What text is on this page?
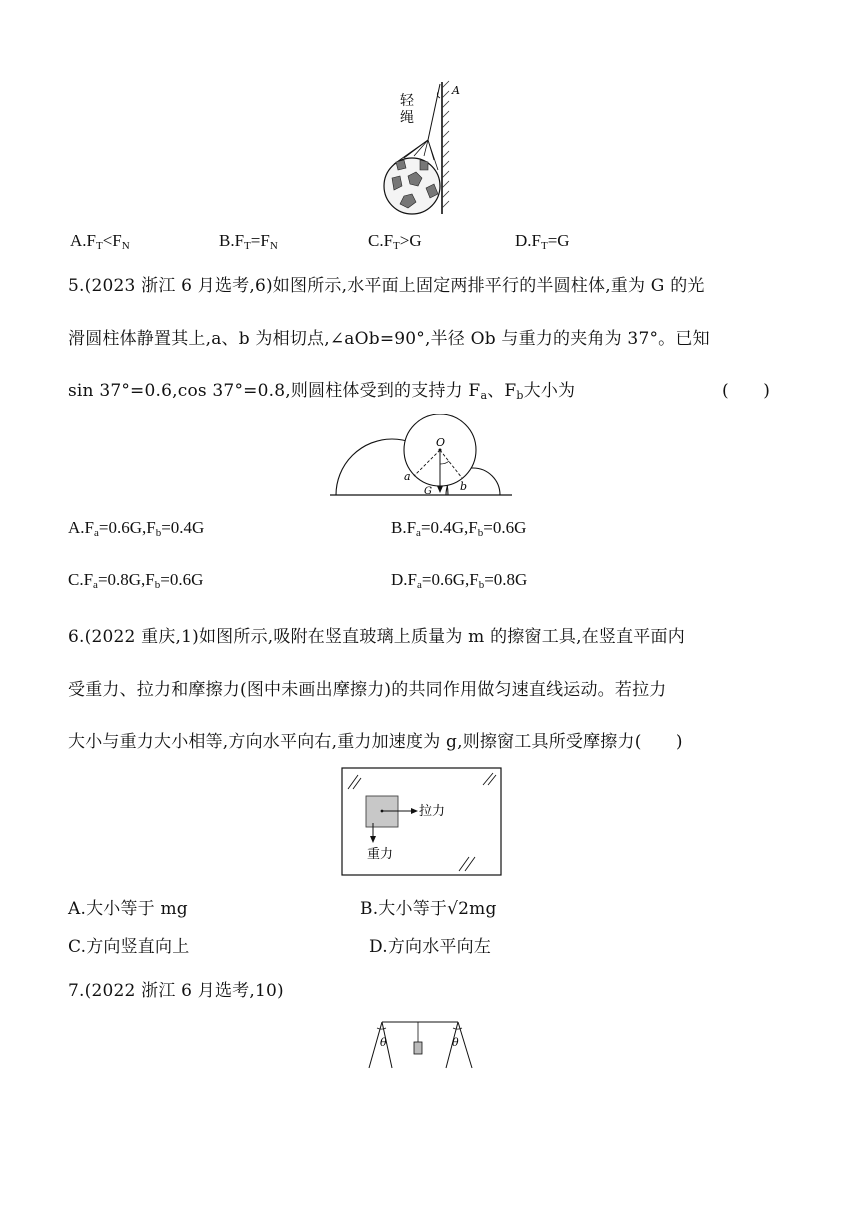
轻
绳
A
$A.F_T<F_N$	$B.F_T=F_N$	$C.F_T>G$	$D.F_T=G$
5.(2023 浙江 6 月选考,6)如图所示,水平面上固定两排平行的半圆柱体,重为 G 的光
滑圆柱体静置其上,a、b 为相切点,∠aOb=90°,半径 Ob 与重力的夹角为 37°。已知
sin 37°=0.6,cos 37°=0.8,则圆柱体受到的支持力 $F_a$、$F_b$大小为	(　　)
O
a
b
G
$A.F_a=0.6G,F_b=0.4G$	$B.F_a=0.4G,F_b=0.6G$
$C.F_a=0.8G,F_b=0.6G$	$D.F_a=0.6G,F_b=0.8G$
6.(2022 重庆,1)如图所示,吸附在竖直玻璃上质量为 m 的擦窗工具,在竖直平面内
受重力、拉力和摩擦力(图中未画出摩擦力)的共同作用做匀速直线运动。若拉力
大小与重力大小相等,方向水平向右,重力加速度为 g,则擦窗工具所受摩擦力(　　)
拉力
重力
A.大小等于 mg	B.大小等于√2mg
C.方向竖直向上	D.方向水平向左
7.(2022 浙江 6 月选考,10)
θ	θ
